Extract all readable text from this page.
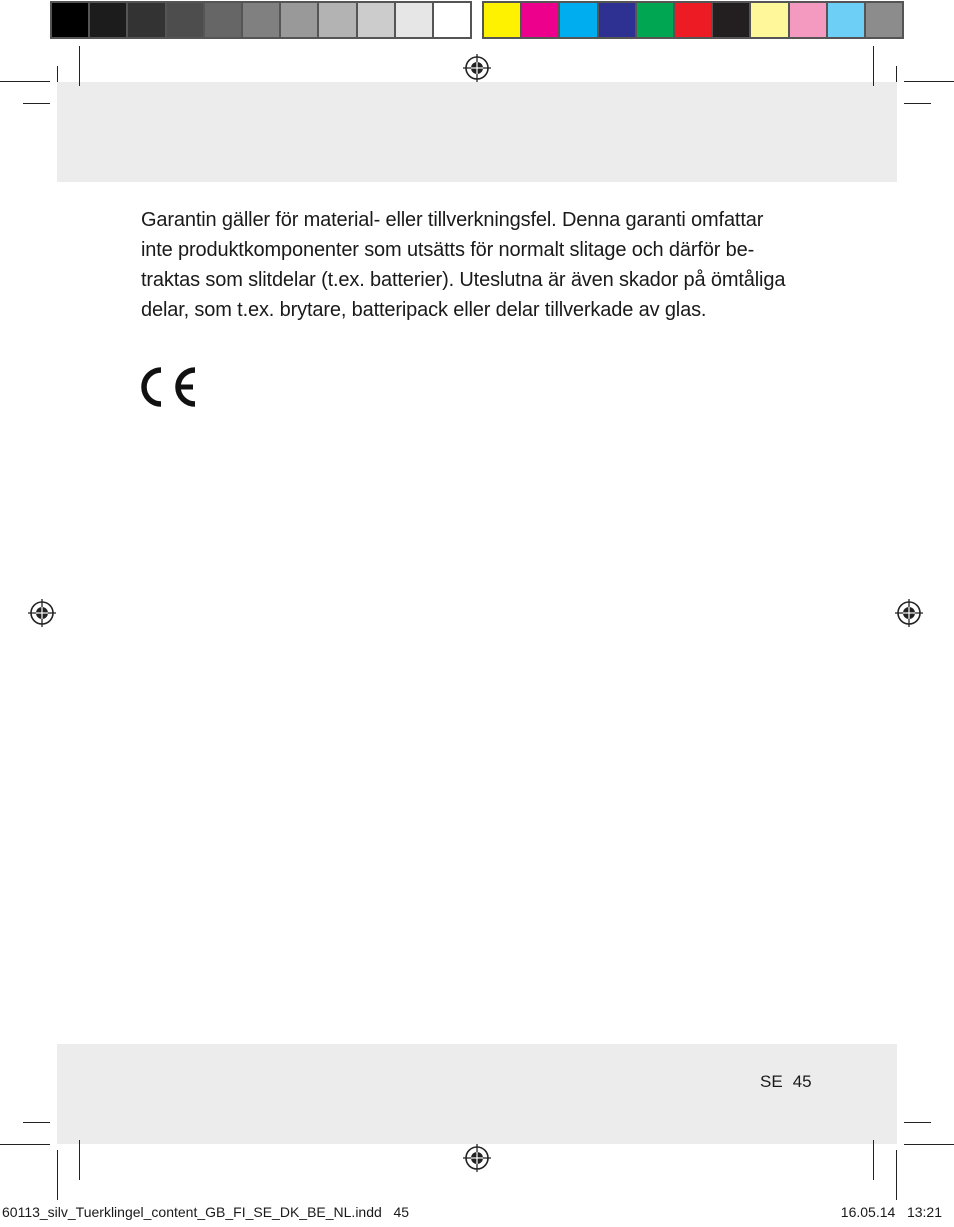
Garantin gäller för material- eller tillverkningsfel. Denna garanti omfattar
inte produktkomponenter som utsätts för normalt slitage och därför be-
traktas som slitdelar (t.ex. batterier). Uteslutna är även skador på ömtåliga
delar, som t.ex. brytare, batteripack eller delar tillverkade av glas.

SE 45
60113_silv_Tuerklingel_content_GB_FI_SE_DK_BE_NL.indd   45	16.05.14   13:21
